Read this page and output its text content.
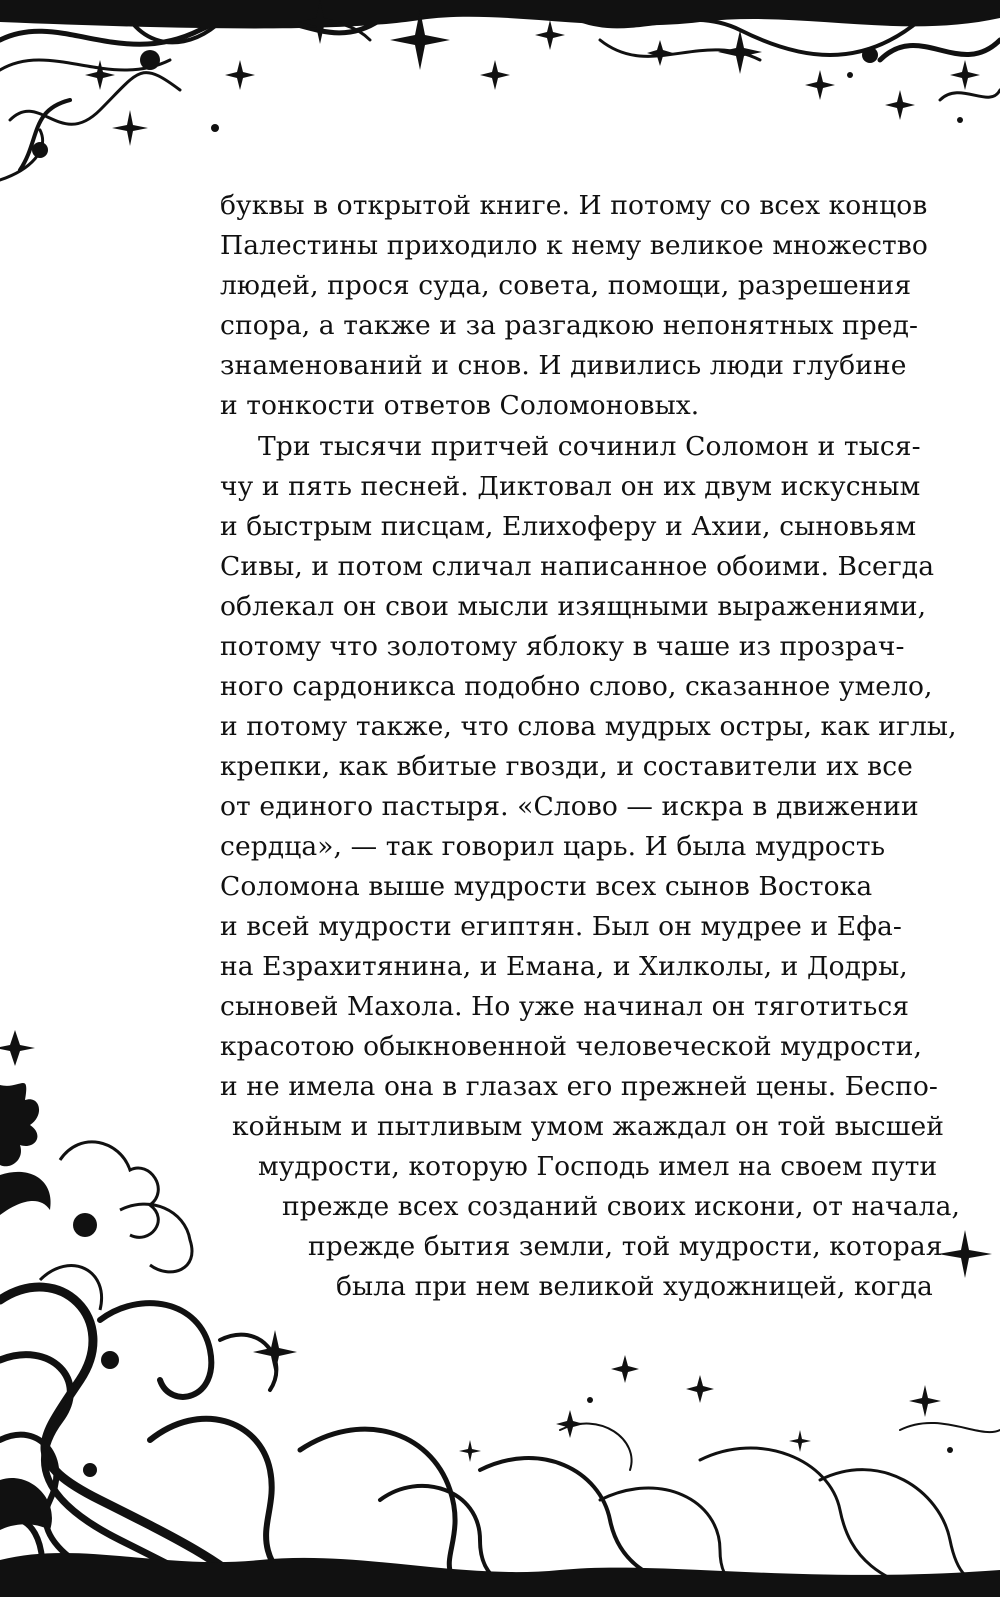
буквы в открытой книге. И потому со всех концов
Палестины приходило к нему великое множество
людей, прося суда, совета, помощи, разрешения
спора, а также и за разгадкою непонятных пред-
знаменований и снов. И дивились люди глубине
и тонкости ответов Соломоновых.
Три тысячи притчей сочинил Соломон и тыся-
чу и пять песней. Диктовал он их двум искусным
и быстрым писцам, Елихоферу и Ахии, сыновьям
Сивы, и потом сличал написанное обоими. Всегда
облекал он свои мысли изящными выражениями,
потому что золотому яблоку в чаше из прозрач-
ного сардоникса подобно слово, сказанное умело,
и потому также, что слова мудрых остры, как иглы,
крепки, как вбитые гвозди, и составители их все
от единого пастыря. «Слово — искра в движении
сердца», — так говорил царь. И была мудрость
Соломона выше мудрости всех сынов Востока
и всей мудрости египтян. Был он мудрее и Ефа-
на Езрахитянина, и Емана, и Хилколы, и Додры,
сыновей Махола. Но уже начинал он тяготиться
красотою обыкновенной человеческой мудрости,
и не имела она в глазах его прежней цены. Беспо-
койным и пытливым умом жаждал он той высшей
мудрости, которую Господь имел на своем пути
прежде всех созданий своих искони, от начала,
прежде бытия земли, той мудрости, которая
была при нем великой художницей, когда
